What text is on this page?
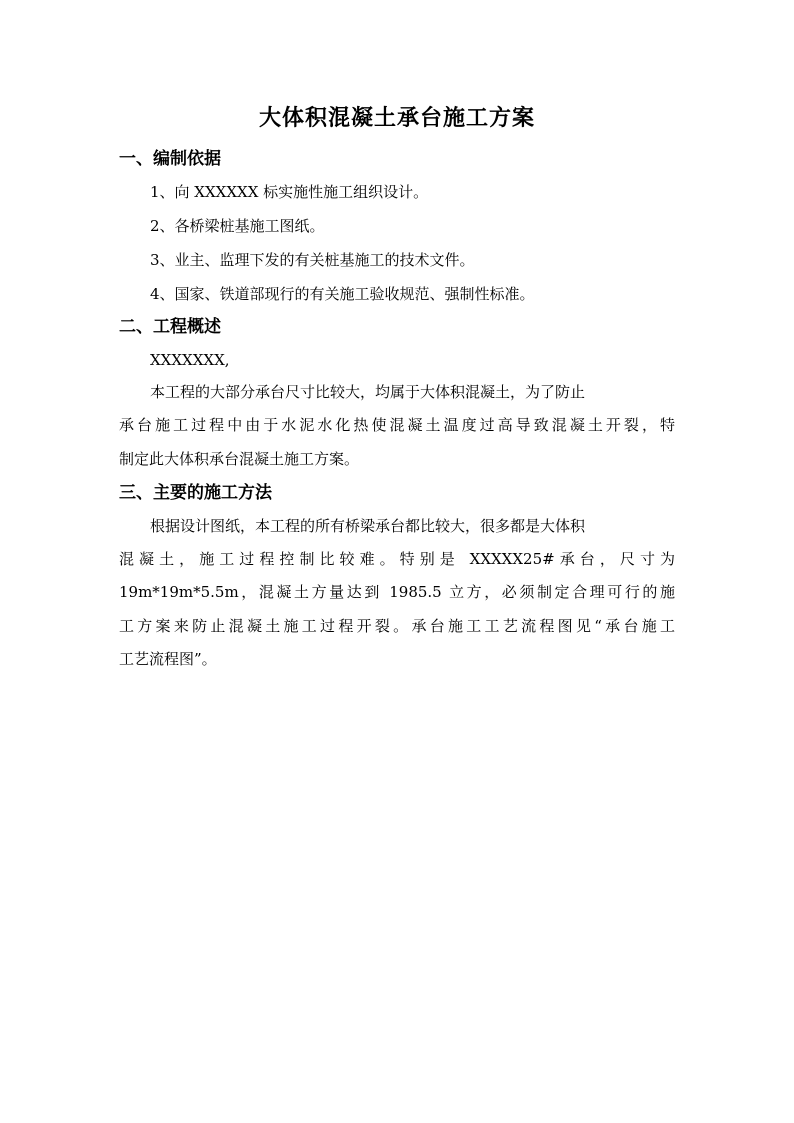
大体积混凝土承台施工方案
一、编制依据
1、向 XXXXXX 标实施性施工组织设计。
2、各桥梁桩基施工图纸。
3、业主、监理下发的有关桩基施工的技术文件。
4、国家、铁道部现行的有关施工验收规范、强制性标准。
二、工程概述
XXXXXXX,
本工程的大部分承台尺寸比较大，均属于大体积混凝土，为了防止
承台施工过程中由于水泥水化热使混凝土温度过高导致混凝土开裂，特
制定此大体积承台混凝土施工方案。
三、主要的施工方法
根据设计图纸，本工程的所有桥梁承台都比较大，很多都是大体积
混凝土，施工过程控制比较难。特别是 XXXXX25#承台，尺寸为
19m*19m*5.5m，混凝土方量达到 1985.5 立方，必须制定合理可行的施
工方案来防止混凝土施工过程开裂。承台施工工艺流程图见“承台施工
工艺流程图”。
